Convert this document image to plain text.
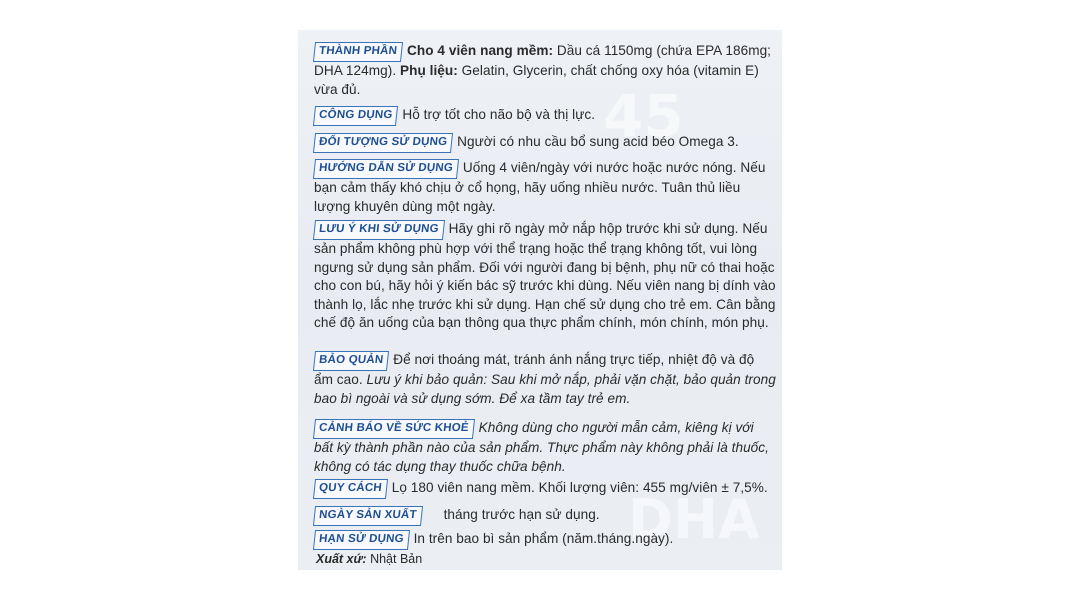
45
DHA
THÀNH PHẦN Cho 4 viên nang mềm: Dầu cá 1150mg (chứa EPA 186mg; DHA 124mg). Phụ liệu: Gelatin, Glycerin, chất chống oxy hóa (vitamin E) vừa đủ.
CÔNG DỤNG Hỗ trợ tốt cho não bộ và thị lực.
ĐỐI TƯỢNG SỬ DỤNG Người có nhu cầu bổ sung acid béo Omega 3.
HƯỚNG DẪN SỬ DỤNG Uống 4 viên/ngày với nước hoặc nước nóng. Nếu bạn cảm thấy khó chịu ở cổ họng, hãy uống nhiều nước. Tuân thủ liều lượng khuyên dùng một ngày.
LƯU Ý KHI SỬ DỤNG Hãy ghi rõ ngày mở nắp hộp trước khi sử dụng. Nếu sản phẩm không phù hợp với thể trạng hoặc thể trạng không tốt, vui lòng ngưng sử dụng sản phẩm. Đối với người đang bị bệnh, phụ nữ có thai hoặc cho con bú, hãy hỏi ý kiến bác sỹ trước khi dùng. Nếu viên nang bị dính vào thành lọ, lắc nhẹ trước khi sử dụng. Hạn chế sử dụng cho trẻ em. Cân bằng chế độ ăn uống của bạn thông qua thực phẩm chính, món chính, món phụ.
BẢO QUẢN Để nơi thoáng mát, tránh ánh nắng trực tiếp, nhiệt độ và độ ẩm cao. Lưu ý khi bảo quản: Sau khi mở nắp, phải vặn chặt, bảo quản trong bao bì ngoài và sử dụng sớm. Để xa tầm tay trẻ em.
CẢNH BÁO VỀ SỨC KHOẺ Không dùng cho người mẫn cảm, kiêng kị với bất kỳ thành phần nào của sản phẩm. Thực phẩm này không phải là thuốc, không có tác dụng thay thuốc chữa bệnh.
QUY CÁCH Lọ 180 viên nang mềm. Khối lượng viên: 455 mg/viên ± 7,5%.
NGÀY SẢN XUẤT tháng trước hạn sử dụng.
HẠN SỬ DỤNG In trên bao bì sản phẩm (năm.tháng.ngày).
Xuất xứ: Nhật Bản
